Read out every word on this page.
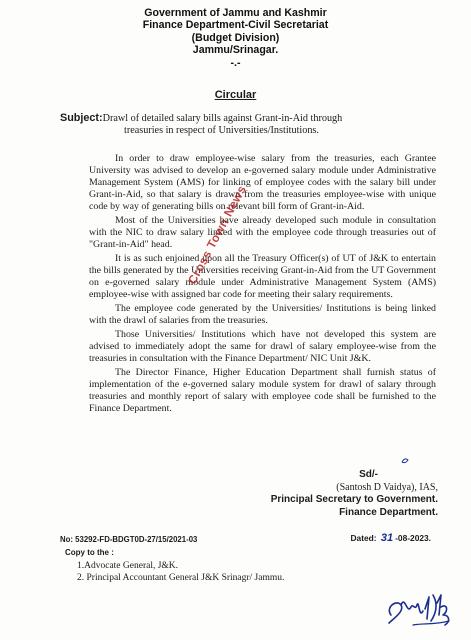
Government of Jammu and Kashmir
Finance Department-Civil Secretariat
(Budget Division)
Jammu/Srinagar.
-.-
Circular
Subject:Drawl of detailed salary bills against Grant-in-Aid through
treasuries in respect of Universities/Institutions.

In order to draw employee-wise salary from the treasuries, each Grantee University was advised to develop an e-governed salary module under Administrative Management System (AMS) for linking of employee codes with the salary bill under Grant-in-Aid, so that salary is drawn from the treasuries employee-wise with unique code by way of generating bills on relevant bill form of Grant-in-Aid.

Most of the Universities have already developed such module in consultation with the NIC to draw salary linked with the employee code through treasuries out of "Grant-in-Aid" head.

It is as such enjoined upon all the Treasury Officer(s) of UT of J&K to entertain the bills generated by the Universities receiving Grant-in-Aid from the UT Government on e-governed salary module under Administrative Management System (AMS) employee-wise with assigned bar code for meeting their salary requirements.

The employee code generated by the Universities/ Institutions is being linked with the drawl of salaries from the treasuries.

Those Universities/ Institutions which have not developed this system are advised to immediately adopt the same for drawl of salary employee-wise from the treasuries in consultation with the Finance Department/ NIC Unit J&K.

The Director Finance, Higher Education Department shall furnish status of implementation of the e-governed salary module system for drawl of salary through treasuries and monthly report of salary with employee code shall be furnished to the Finance Department.

Cross Town News
Sd/-
(Santosh D Vaidya), IAS,
Principal Secretary to Government.
Finance Department.
No: 53292-FD-BDGT0D-27/15/2021-03	Dated: 31 -08-2023.
Copy to the :
1.Advocate General, J&K.
2. Principal Accountant General J&K Srinagr/ Jammu.
